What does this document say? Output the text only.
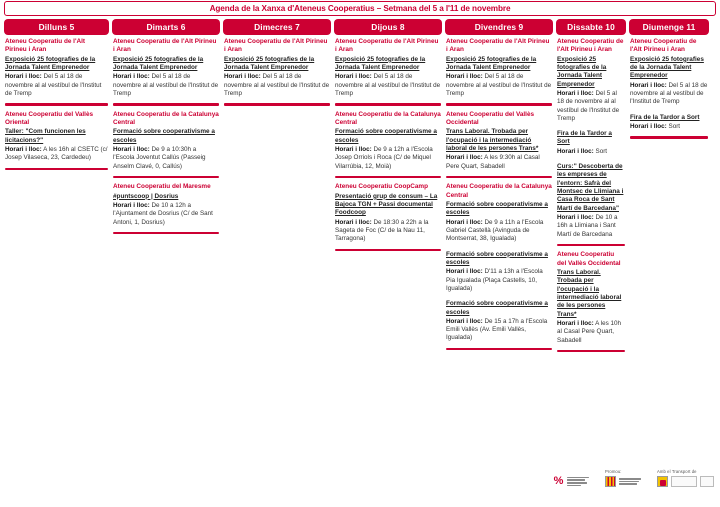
Agenda de la Xanxa d'Ateneus Cooperatius – Setmana del 5 a l'11 de novembre
Dilluns 5
Ateneu Cooperatiu de l'Alt Pirineu i Aran
Exposició 25 fotografies de la Jornada Talent Emprenedor
Horari i lloc: Del 5 al 18 de novembre al al vestíbul de l'Institut de Tremp
Ateneu Cooperatiu del Vallès Oriental
Taller: "Com funcionen les licitacions?"
Horari i lloc: A les 16h al CSETC (c/ Josep Vilaseca, 23, Cardedeu)
Dimarts 6
Ateneu Cooperatiu de l'Alt Pirineu i Aran
Exposició 25 fotografies de la Jornada Talent Emprenedor
Horari i lloc: Del 5 al 18 de novembre al al vestíbul de l'Institut de Tremp
Ateneu Cooperatiu de la Catalunya Central
Formació sobre cooperativisme a escoles
Horari i lloc: De 9 a 10:30h a l'Escola Joventut Callús (Passeig Anselm Clavé, 0, Callús)
Ateneu Cooperatiu del Maresme
#puntscoop | Dosrius
Horari i lloc: De 10 a 12h a l'Ajuntament de Dosrius (C/ de Sant Antoni, 1, Dosrius)
Dimecres 7
Ateneu Cooperatiu de l'Alt Pirineu i Aran
Exposició 25 fotografies de la Jornada Talent Emprenedor
Horari i lloc: Del 5 al 18 de novembre al al vestíbul de l'Institut de Tremp
Dijous 8
Ateneu Cooperatiu de l'Alt Pirineu i Aran
Exposició 25 fotografies de la Jornada Talent Emprenedor
Horari i lloc: Del 5 al 18 de novembre al al vestíbul de l'Institut de Tremp
Ateneu Cooperatiu de la Catalunya Central
Formació sobre cooperativisme a escoles
Horari i lloc: De 9 a 12h a l'Escola Josep Orriols i Roca (C/ de Miquel Vilarrúbia, 12, Moià)
Ateneu Cooperatiu CoopCamp
Presentació grup de consum – La Bajoca TGN + Passi documental Foodcoop
Horari i lloc: De 18:30 a 22h a la Sageta de Foc (C/ de la Nau 11, Tarragona)
Divendres 9
Ateneu Cooperatiu de l'Alt Pirineu i Aran
Exposició 25 fotografies de la Jornada Talent Emprenedor
Horari i lloc: Del 5 al 18 de novembre al al vestíbul de l'Institut de Tremp
Ateneu Cooperatiu del Vallès Occidental
Trans Laboral. Trobada per l'ocupació i la intermediació laboral de les persones Trans*
Horari i lloc: A les 9:30h al Casal Pere Quart, Sabadell
Ateneu Cooperatiu de la Catalunya Central
Formació sobre cooperativisme a escoles
Horari i lloc: De 9 a 11h a l'Escola Gabriel Castellà (Avinguda de Montserrat, 38, Igualada)
Formació sobre cooperativisme a escoles
Horari i lloc: D'11 a 13h a l'Escola Pia Igualada (Plaça Castells, 10, Igualada)
Formació sobre cooperativisme a escoles
Horari i lloc: De 15 a 17h a l'Escola Emili Vallès (Av. Emili Vallès, Igualada)
Dissabte 10
Ateneu Cooperatiu de l'Alt Pirineu i Aran
Exposició 25 fotografies de la Jornada Talent Emprenedor
Horari i lloc: Del 5 al 18 de novembre al al vestíbul de l'Institut de Tremp
Fira de la Tardor a Sort
Horari i lloc: Sort
Curs:" Descoberta de les empreses de l'entorn: Safrà del Montsec de Llimiana i Casa Roca de Sant Martí de Barcedana"
Horari i lloc: De 10 a 16h a Llimiana i Sant Martí de Barcedana
Ateneu Cooperatiu del Vallès Occidental
Trans Laboral. Trobada per l'ocupació i la intermediació laboral de les persones Trans*
Horari i lloc: A les 10h al Casal Pere Quart, Sabadell
Diumenge 11
Ateneu Cooperatiu de l'Alt Pirineu i Aran
Exposició 25 fotografies de la Jornada Talent Emprenedor
Horari i lloc: Del 5 al 18 de novembre al al vestíbul de l'Institut de Tremp
Fira de la Tardor a Sort
Horari i lloc: Sort
%
Promou:	Amb el Transport de
